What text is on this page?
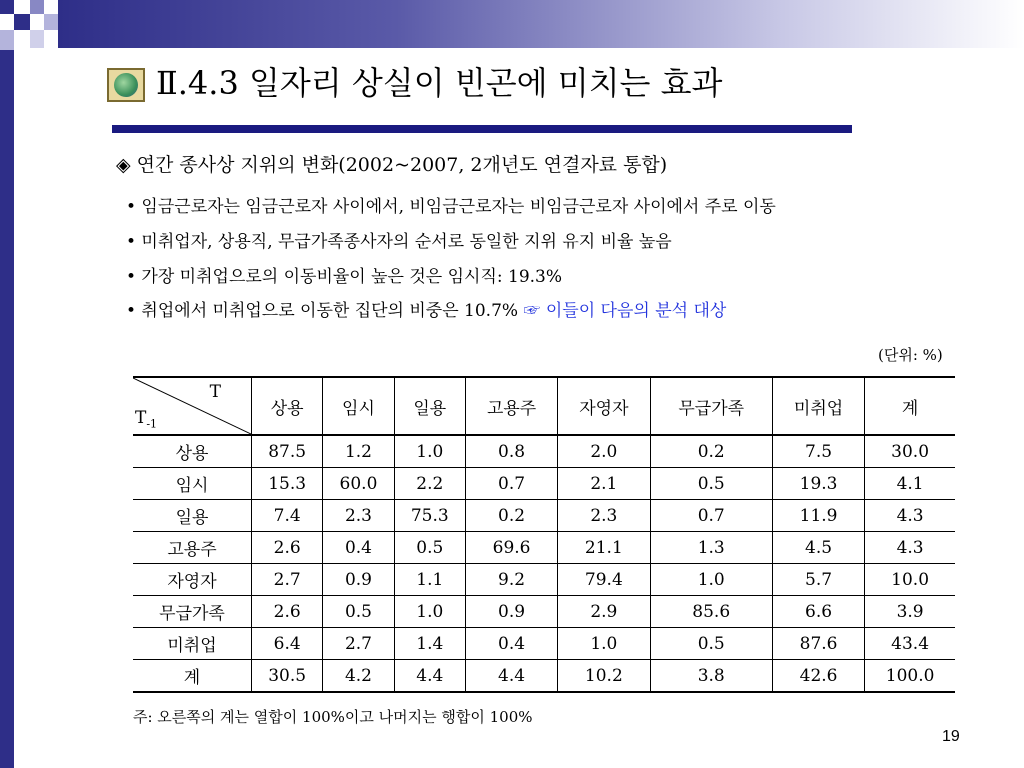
Ⅱ.4.3 일자리 상실이 빈곤에 미치는 효과
◈ 연간 종사상 지위의 변화(2002~2007, 2개년도 연결자료 통합)
• 임금근로자는 임금근로자 사이에서, 비임금근로자는 비임금근로자 사이에서 주로 이동
• 미취업자, 상용직, 무급가족종사자의 순서로 동일한 지위 유지 비율 높음
• 가장 미취업으로의 이동비율이 높은 것은 임시직: 19.3%
• 취업에서 미취업으로 이동한 집단의 비중은 10.7% ☞ 이들이 다음의 분석 대상
(단위: %)
T
$T_{-1}$	상용	임시	일용	고용주	자영자	무급가족	미취업	계
상용	87.5	1.2	1.0	0.8	2.0	0.2	7.5	30.0
임시	15.3	60.0	2.2	0.7	2.1	0.5	19.3	4.1
일용	7.4	2.3	75.3	0.2	2.3	0.7	11.9	4.3
고용주	2.6	0.4	0.5	69.6	21.1	1.3	4.5	4.3
자영자	2.7	0.9	1.1	9.2	79.4	1.0	5.7	10.0
무급가족	2.6	0.5	1.0	0.9	2.9	85.6	6.6	3.9
미취업	6.4	2.7	1.4	0.4	1.0	0.5	87.6	43.4
계	30.5	4.2	4.4	4.4	10.2	3.8	42.6	100.0
주: 오른쪽의 계는 열합이 100%이고 나머지는 행합이 100%
19
